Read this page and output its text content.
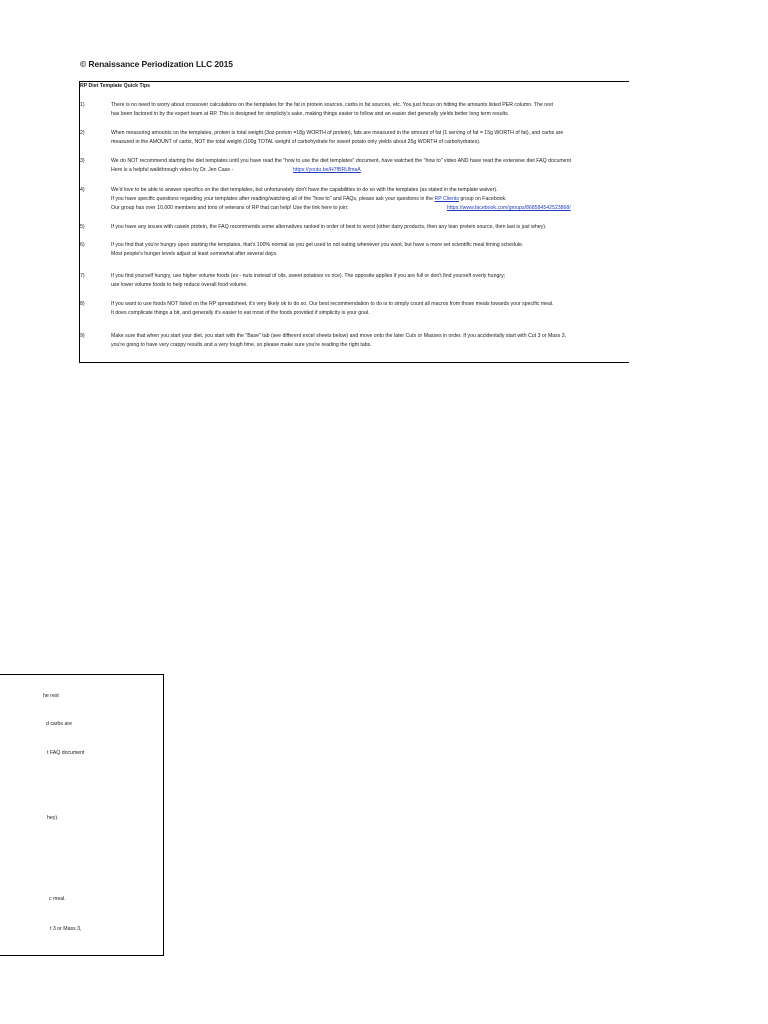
© Renaissance Periodization LLC 2015
RP Diet Template Quick Tips
1)	There is no need to worry about crossover calculations on the templates for the fat in protein sources, carbs in fat sources, etc. You just focus on hitting the amounts listed PER column. The rest
has been factored in by the expert team at RP. This is designed for simplicity's sake, making things easier to follow and an easier diet generally yields better long term results.
2)	When measuring amounts on the templates, protein is total weight (3oz protein =18g WORTH of protein), fats are measured in the amount of fat (1 serving of fat = 15g WORTH of fat), and carbs are
measured in the AMOUNT of carbs, NOT the total weight (100g TOTAL weight of carbohydrate for sweet potato only yields about 25g WORTH of carbohydrates).
3)	We do NOT recommend starting the diet templates until you have read the "how to use the diet templates" document, have watched the "how to" video AND have read the extensive diet FAQ document
Here is a helpful walkthrough video by Dr. Jen Case -	https://youtu.be/H7fBRUlmaA
4)	We'd love to be able to answer specifics on the diet templates, but unfortunately don't have the capabilities to do so with the templates (as stated in the template waiver).
If you have specific questions regarding your templates after reading/watching all of the "how to" and FAQs, please ask your questions in the RP Clients group on Facebook.
Our group has over 10,000 members and tons of veterans of RP that can help! Use the link here to join:	https://www.facebook.com/groups/868584542523868/
5)	If you have any issues with casein protein, the FAQ recommends some alternatives ranked in order of best to worst (other dairy products, then any lean protein source, then last is just whey).
6)	If you find that you're hungry upon starting the templates, that's 100% normal as you get used to not eating whenever you want, but have a more set scientific meal timing schedule.
Most people's hunger levels adjust at least somewhat after several days.
7)	If you find yourself hungry, use higher volume foods (ex - nuts instead of oils, sweet potatoes vs rice). The opposite applies if you are full or don't find yourself overly hungry;
use lower volume foods to help reduce overall food volume.
8)	If you want to use foods NOT listed on the RP spreadsheet, it's very likely ok to do so. Our best recommendation to do is to simply count all macros from those meals towards your specific meal.
It does complicate things a bit, and generally it's easier to eat most of the foods provided if simplicity is your goal.
9)	Make sure that when you start your diet, you start with the "Base" tab (see different excel sheets below) and move onto the later Cuts or Masses in order. If you accidentally start with Cut 3 or Mass 3,
you're going to have very crappy results and a very tough time, so please make sure you're reading the right tabs.
he rest
d carbs are
t FAQ document
hey).
c meal.
t 3 or Mass 3,
